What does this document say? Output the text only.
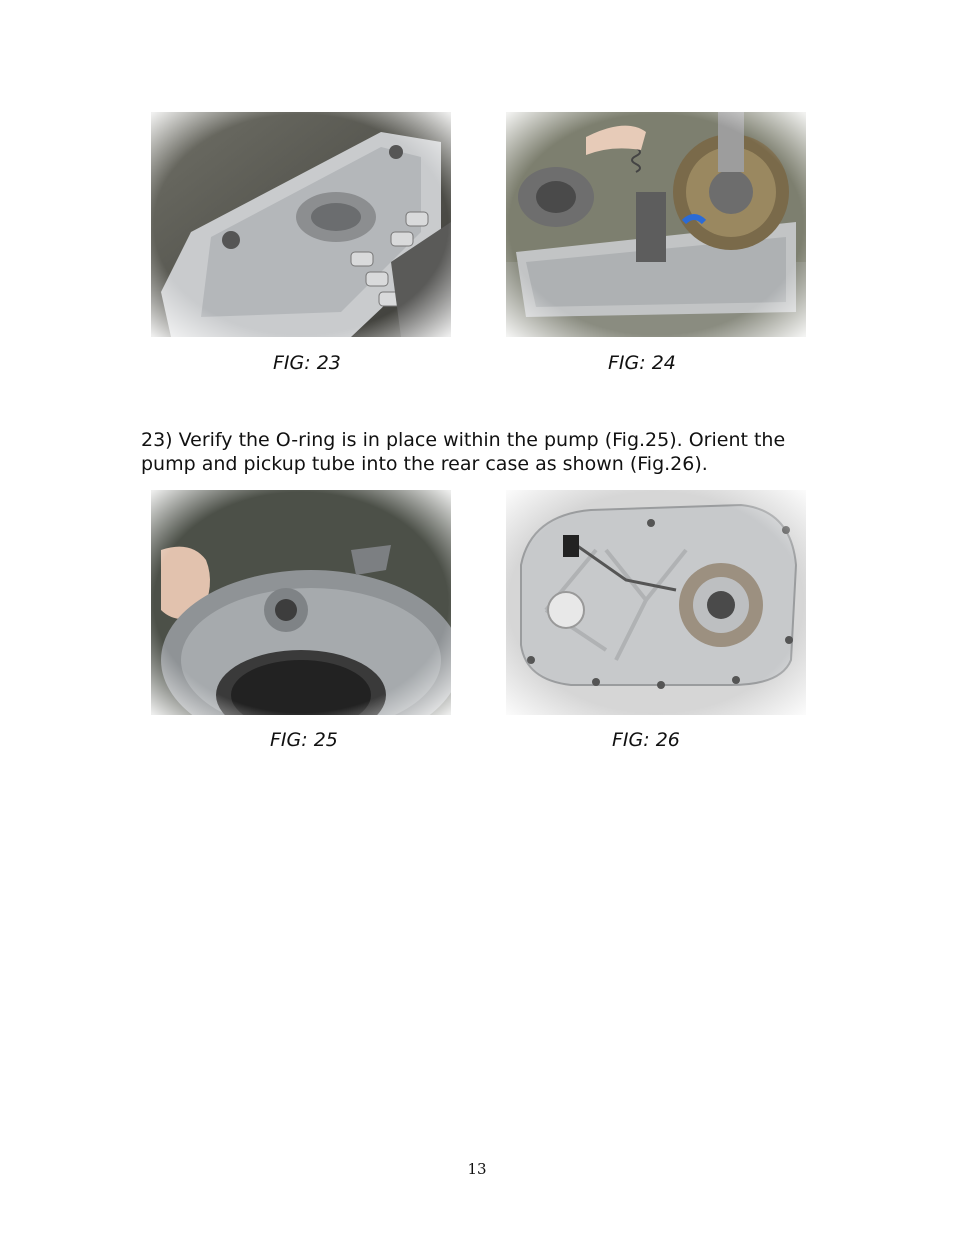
FIG: 23	FIG: 24

23) Verify the O-ring is in place within the pump (Fig.25). Orient the pump and pickup tube into the rear case as shown (Fig.26).

FIG: 25	FIG: 26
13
